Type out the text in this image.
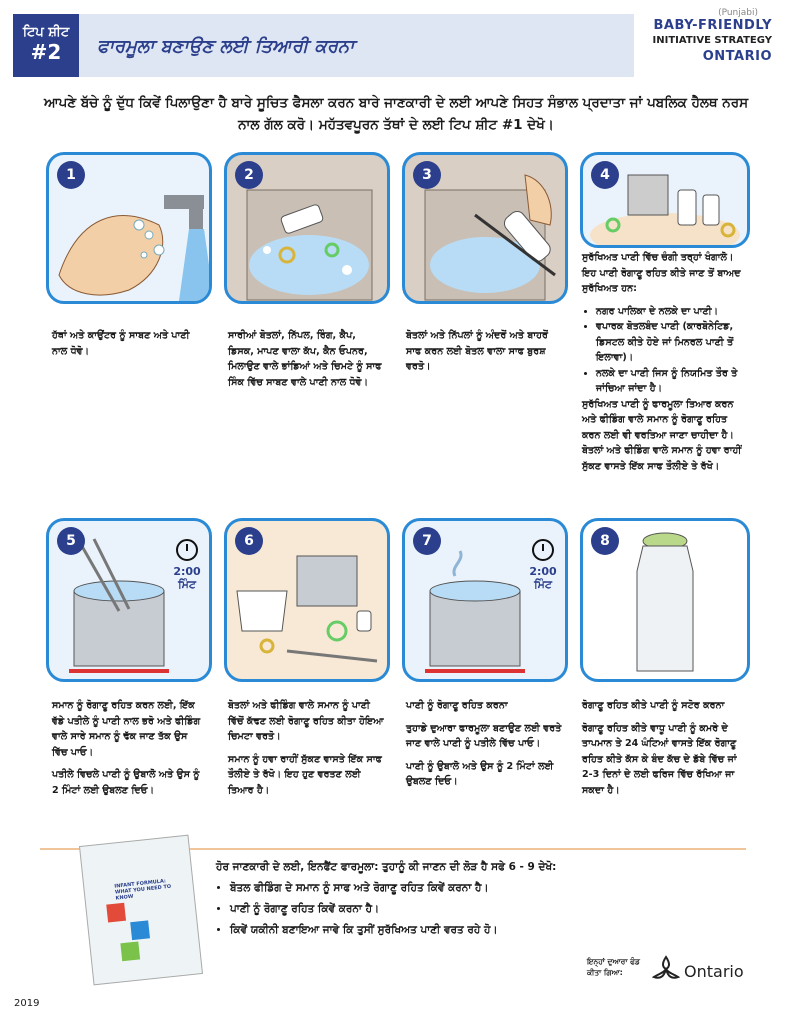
ਟਿਪ ਸ਼ੀਟ
#2	ਫਾਰਮੂਲਾ ਬਣਾਉਣ ਲਈ ਤਿਆਰੀ ਕਰਨਾ
(Punjabi)
BABY-FRIENDLY
INITIATIVE STRATEGY
ONTARIO
ਆਪਣੇ ਬੱਚੇ ਨੂੰ ਦੁੱਧ ਕਿਵੇਂ ਪਿਲਾਉਣਾ ਹੈ ਬਾਰੇ ਸੂਚਿਤ ਫੈਸਲਾ ਕਰਨ ਬਾਰੇ ਜਾਣਕਾਰੀ ਦੇ ਲਈ ਆਪਣੇ ਸਿਹਤ ਸੰਭਾਲ ਪ੍ਰਦਾਤਾ ਜਾਂ ਪਬਲਿਕ ਹੈਲਥ ਨਰਸ ਨਾਲ ਗੱਲ ਕਰੋ। ਮਹੱਤਵਪੂਰਨ ਤੱਥਾਂ ਦੇ ਲਈ ਟਿਪ ਸ਼ੀਟ #1 ਦੇਖੋ।
1	2	3	4
ਹੱਥਾਂ ਅਤੇ ਕਾਉਂਟਰ ਨੂੰ ਸਾਬਣ ਅਤੇ ਪਾਣੀ ਨਾਲ ਧੋਵੋ।
ਸਾਰੀਆਂ ਬੋਤਲਾਂ, ਨਿੱਪਲ, ਰਿੰਗ, ਕੈਪ, ਡਿਸਕ, ਮਾਪਣ ਵਾਲਾ ਕੱਪ, ਕੈਨ ਓਪਨਰ, ਮਿਲਾਉਣ ਵਾਲੇ ਭਾਂਡਿਆਂ ਅਤੇ ਚਿਮਟੇ ਨੂੰ ਸਾਫ ਸਿੰਕ ਵਿੱਚ ਸਾਬਣ ਵਾਲੇ ਪਾਣੀ ਨਾਲ ਧੋਵੋ।
ਬੋਤਲਾਂ ਅਤੇ ਨਿੱਪਲਾਂ ਨੂੰ ਅੰਦਰੋਂ ਅਤੇ ਬਾਹਰੋਂ ਸਾਫ ਕਰਨ ਲਈ ਬੋਤਲ ਵਾਲਾ ਸਾਫ ਬੁਰਸ਼ ਵਰਤੋ।

ਸੁਰੱਖਿਅਤ ਪਾਣੀ ਵਿੱਚ ਚੰਗੀ ਤਰ੍ਹਾਂ ਖੰਗਾਲੋ। ਇਹ ਪਾਣੀ ਰੋਗਾਣੂ ਰਹਿਤ ਕੀਤੇ ਜਾਣ ਤੋਂ ਬਾਅਦ ਸੁਰੱਖਿਅਤ ਹਨ:

• ਨਗਰ ਪਾਲਿਕਾ ਦੇ ਨਲਕੇ ਦਾ ਪਾਣੀ।
• ਵਪਾਰਕ ਬੋਤਲਬੰਦ ਪਾਣੀ (ਕਾਰਬੋਨੇਟਿਡ, ਡਿਸਟਲ ਕੀਤੇ ਹੋਏ ਜਾਂ ਮਿਨਰਲ ਪਾਣੀ ਤੋਂ ਇਲਾਵਾ)।
• ਨਲਕੇ ਦਾ ਪਾਣੀ ਜਿਸ ਨੂੰ ਨਿਯਮਿਤ ਤੌਰ ਤੇ ਜਾਂਚਿਆ ਜਾਂਦਾ ਹੈ।

ਸੁਰੱਖਿਅਤ ਪਾਣੀ ਨੂੰ ਫਾਰਮੂਲਾ ਤਿਆਰ ਕਰਨ ਅਤੇ ਫੀਡਿੰਗ ਵਾਲੇ ਸਮਾਨ ਨੂੰ ਰੋਗਾਣੂ ਰਹਿਤ ਕਰਨ ਲਈ ਵੀ ਵਰਤਿਆ ਜਾਣਾ ਚਾਹੀਦਾ ਹੈ। ਬੋਤਲਾਂ ਅਤੇ ਫੀਡਿੰਗ ਵਾਲੇ ਸਮਾਨ ਨੂੰ ਹਵਾ ਰਾਹੀਂ ਸੁੱਕਣ ਵਾਸਤੇ ਇੱਕ ਸਾਫ ਤੌਲੀਏ ਤੇ ਰੱਖੋ।

5
2:00
ਮਿੰਟ
6	7
2:00
ਮਿੰਟ
8

ਸਮਾਨ ਨੂੰ ਰੋਗਾਣੂ ਰਹਿਤ ਕਰਨ ਲਈ, ਇੱਕ ਵੱਡੇ ਪਤੀਲੇ ਨੂੰ ਪਾਣੀ ਨਾਲ ਭਰੋ ਅਤੇ ਫੀਡਿੰਗ ਵਾਲੇ ਸਾਰੇ ਸਮਾਨ ਨੂੰ ਢੱਕ ਜਾਣ ਤੱਕ ਉਸ ਵਿੱਚ ਪਾਓ।

ਪਤੀਲੇ ਵਿਚਲੇ ਪਾਣੀ ਨੂੰ ਉਬਾਲੋ ਅਤੇ ਉਸ ਨੂੰ 2 ਮਿੰਟਾਂ ਲਈ ਉਬਲਣ ਦਿਓ।

ਬੋਤਲਾਂ ਅਤੇ ਫੀਡਿੰਗ ਵਾਲੇ ਸਮਾਨ ਨੂੰ ਪਾਣੀ ਵਿੱਚੋਂ ਕੱਢਣ ਲਈ ਰੋਗਾਣੂ ਰਹਿਤ ਕੀਤਾ ਹੋਇਆ ਚਿਮਟਾ ਵਰਤੋ।

ਸਮਾਨ ਨੂੰ ਹਵਾ ਰਾਹੀਂ ਸੁੱਕਣ ਵਾਸਤੇ ਇੱਕ ਸਾਫ ਤੌਲੀਏ ਤੇ ਰੱਖੋ। ਇਹ ਹੁਣ ਵਰਤਣ ਲਈ ਤਿਆਰ ਹੈ।

ਪਾਣੀ ਨੂੰ ਰੋਗਾਣੂ ਰਹਿਤ ਕਰਨਾ

ਤੁਹਾਡੇ ਦੁਆਰਾ ਫਾਰਮੂਲਾ ਬਣਾਉਣ ਲਈ ਵਰਤੇ ਜਾਣ ਵਾਲੇ ਪਾਣੀ ਨੂੰ ਪਤੀਲੇ ਵਿੱਚ ਪਾਓ।

ਪਾਣੀ ਨੂੰ ਉਬਾਲੋ ਅਤੇ ਉਸ ਨੂੰ 2 ਮਿੰਟਾਂ ਲਈ ਉਬਲਣ ਦਿਓ।

ਰੋਗਾਣੂ ਰਹਿਤ ਕੀਤੇ ਪਾਣੀ ਨੂੰ ਸਟੋਰ ਕਰਨਾ

ਰੋਗਾਣੂ ਰਹਿਤ ਕੀਤੇ ਵਾਧੂ ਪਾਣੀ ਨੂੰ ਕਮਰੇ ਦੇ ਤਾਪਮਾਨ ਤੇ 24 ਘੰਟਿਆਂ ਵਾਸਤੇ ਇੱਕ ਰੋਗਾਣੂ ਰਹਿਤ ਕੀਤੇ ਕੱਸ ਕੇ ਬੰਦ ਕੱਚ ਦੇ ਡੱਬੇ ਵਿੱਚ ਜਾਂ 2-3 ਦਿਨਾਂ ਦੇ ਲਈ ਫਰਿਜ ਵਿੱਚ ਰੱਖਿਆ ਜਾ ਸਕਦਾ ਹੈ।

INFANT FORMULA: WHAT YOU NEED TO KNOW
ਹੋਰ ਜਾਣਕਾਰੀ ਦੇ ਲਈ, ਇਨਫੈਂਟ ਫਾਰਮੂਲਾ: ਤੁਹਾਨੂੰ ਕੀ ਜਾਣਨ ਦੀ ਲੋੜ ਹੈ ਸਫੇ 6 - 9 ਦੇਖੋ:
• ਬੋਤਲ ਫੀਡਿੰਗ ਦੇ ਸਮਾਨ ਨੂੰ ਸਾਫ ਅਤੇ ਰੋਗਾਣੂ ਰਹਿਤ ਕਿਵੇਂ ਕਰਨਾ ਹੈ।
• ਪਾਣੀ ਨੂੰ ਰੋਗਾਣੂ ਰਹਿਤ ਕਿਵੇਂ ਕਰਨਾ ਹੈ।
• ਕਿਵੇਂ ਯਕੀਨੀ ਬਣਾਇਆ ਜਾਵੇ ਕਿ ਤੁਸੀਂ ਸੁਰੱਖਿਅਤ ਪਾਣੀ ਵਰਤ ਰਹੇ ਹੋ।
ਇਨ੍ਹਾਂ ਦੁਆਰਾ ਫੰਡ ਕੀਤਾ ਗਿਆ:	Ontario
2019
